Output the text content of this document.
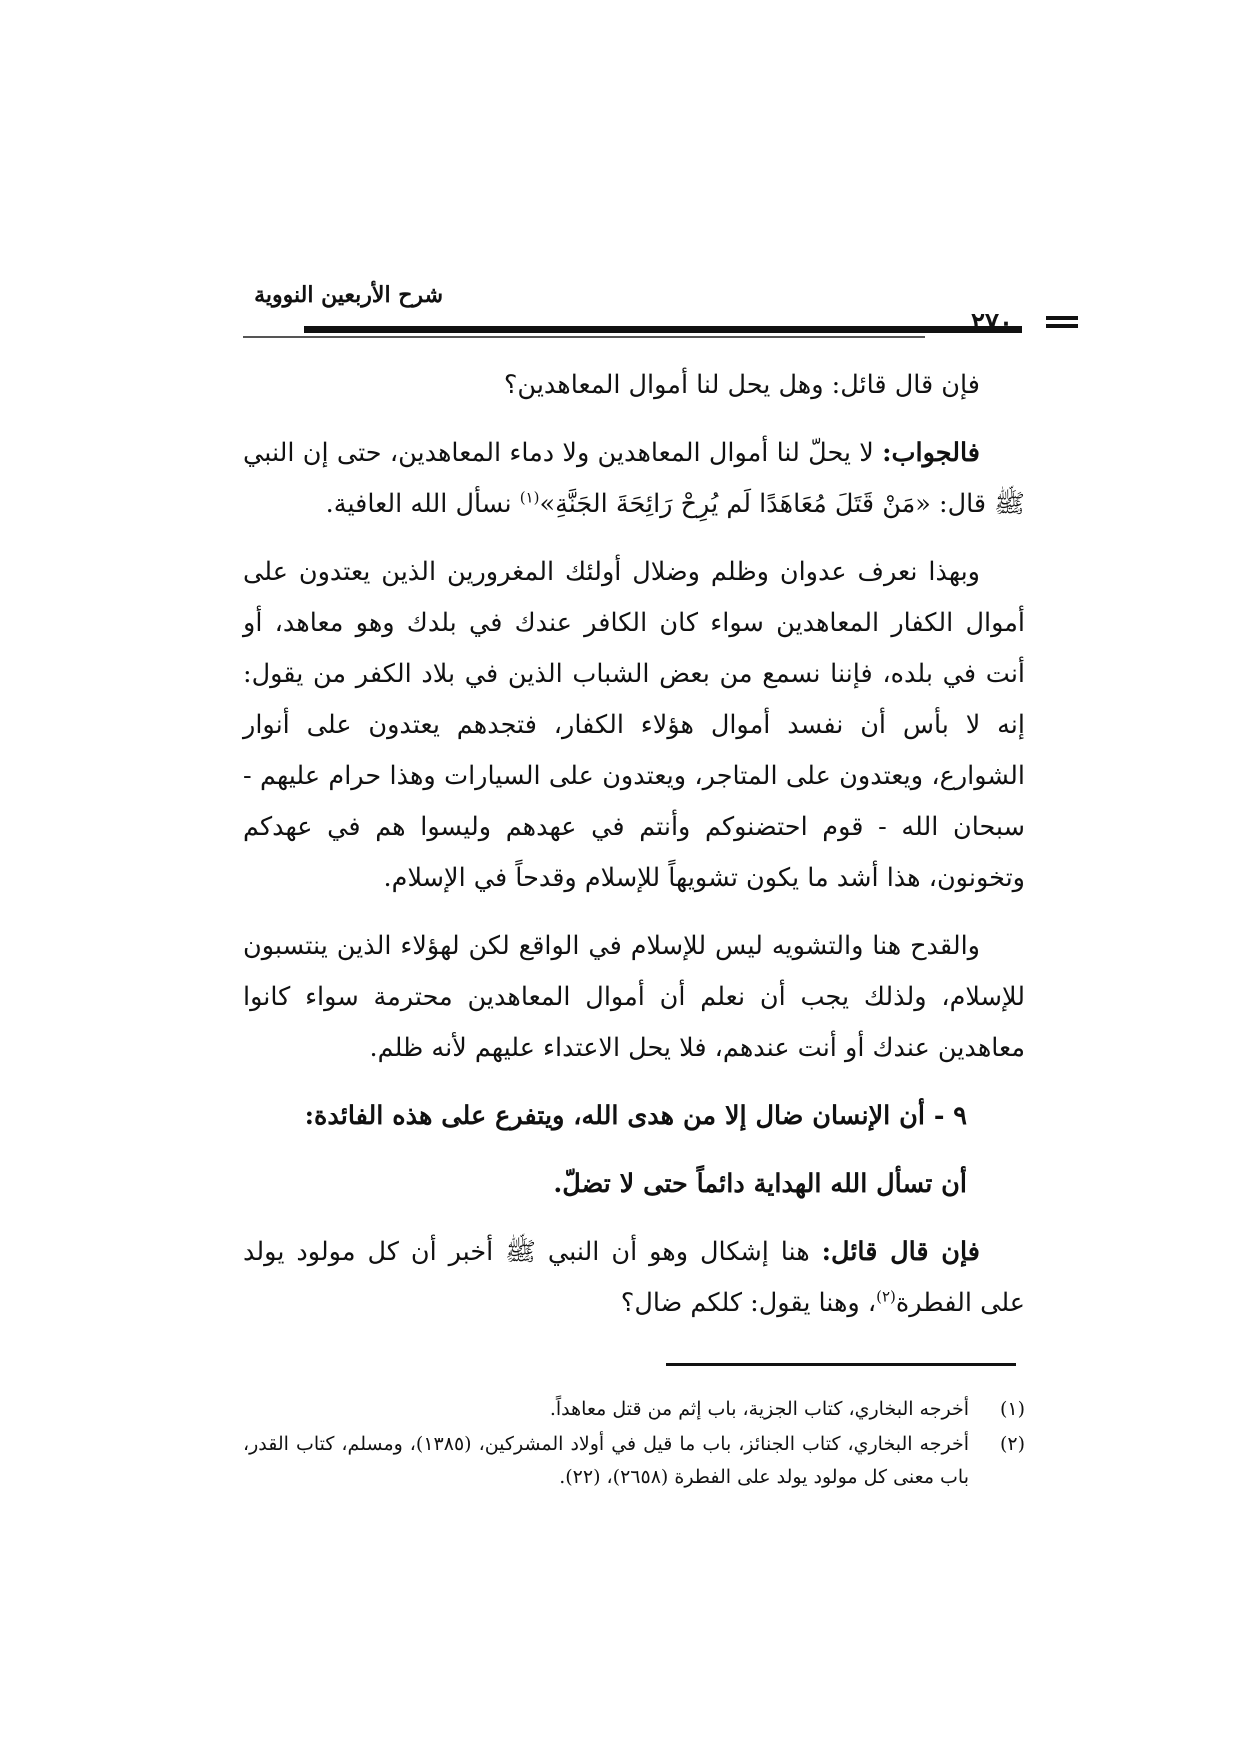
شرح الأربعين النووية
٢٧٠

فإن قال قائل: وهل يحل لنا أموال المعاهدين؟

فالجواب: لا يحلّ لنا أموال المعاهدين ولا دماء المعاهدين، حتى إن النبي ﷺ قال: «مَنْ قَتَلَ مُعَاهَدًا لَم يُرِحْ رَائِحَةَ الجَنَّةِ»$^{(١)}$ نسأل الله العافية.

وبهذا نعرف عدوان وظلم وضلال أولئك المغرورين الذين يعتدون على أموال الكفار المعاهدين سواء كان الكافر عندك في بلدك وهو معاهد، أو أنت في بلده، فإننا نسمع من بعض الشباب الذين في بلاد الكفر من يقول: إنه لا بأس أن نفسد أموال هؤلاء الكفار، فتجدهم يعتدون على أنوار الشوارع، ويعتدون على المتاجر، ويعتدون على السيارات وهذا حرام عليهم - سبحان الله - قوم احتضنوكم وأنتم في عهدهم وليسوا هم في عهدكم وتخونون، هذا أشد ما يكون تشويهاً للإسلام وقدحاً في الإسلام.

والقدح هنا والتشويه ليس للإسلام في الواقع لكن لهؤلاء الذين ينتسبون للإسلام، ولذلك يجب أن نعلم أن أموال المعاهدين محترمة سواء كانوا معاهدين عندك أو أنت عندهم، فلا يحل الاعتداء عليهم لأنه ظلم.

٩ - أن الإنسان ضال إلا من هدى الله، ويتفرع على هذه الفائدة:

أن تسأل الله الهداية دائماً حتى لا تضلّ.

فإن قال قائل: هنا إشكال وهو أن النبي ﷺ أخبر أن كل مولود يولد على الفطرة$^{(٢)}$، وهنا يقول: كلكم ضال؟

(١)
أخرجه البخاري، كتاب الجزية، باب إثم من قتل معاهداً.
(٢)
أخرجه البخاري، كتاب الجنائز، باب ما قيل في أولاد المشركين، (١٣٨٥)، ومسلم، كتاب القدر، باب معنى كل مولود يولد على الفطرة (٢٦٥٨)، (٢٢).
